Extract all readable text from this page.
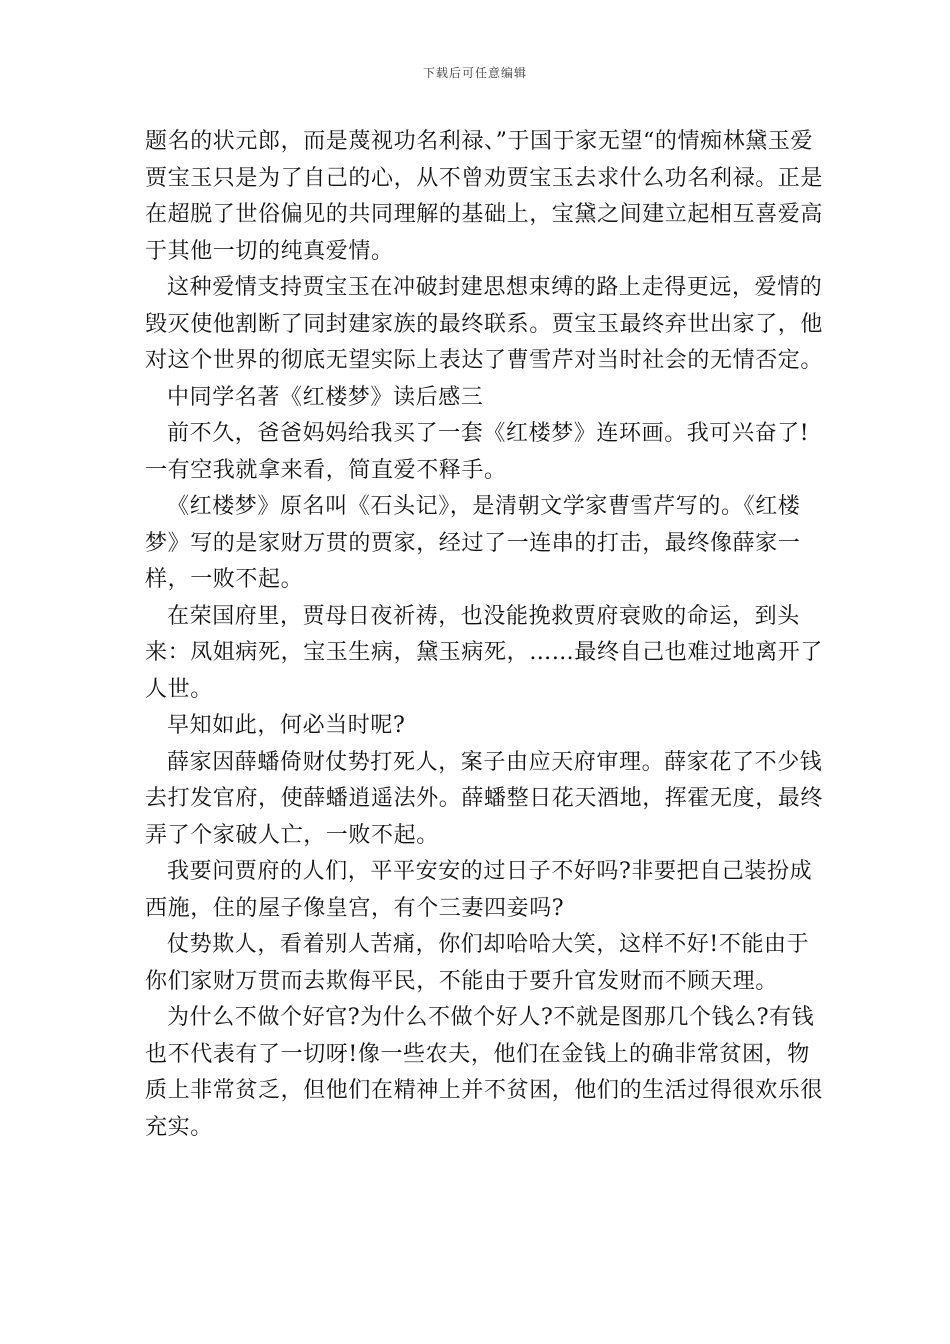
下载后可任意编辑

题名的状元郎，而是蔑视功名利禄、”于国于家无望“的情痴林黛玉爱贾宝玉只是为了自己的心，从不曾劝贾宝玉去求什么功名利禄。正是在超脱了世俗偏见的共同理解的基础上，宝黛之间建立起相互喜爱高于其他一切的纯真爱情。

这种爱情支持贾宝玉在冲破封建思想束缚的路上走得更远，爱情的毁灭使他割断了同封建家族的最终联系。贾宝玉最终弃世出家了，他对这个世界的彻底无望实际上表达了曹雪芹对当时社会的无情否定。

中同学名著《红楼梦》读后感三

前不久，爸爸妈妈给我买了一套《红楼梦》连环画。我可兴奋了!一有空我就拿来看，简直爱不释手。

《红楼梦》原名叫《石头记》，是清朝文学家曹雪芹写的。《红楼梦》写的是家财万贯的贾家，经过了一连串的打击，最终像薛家一样，一败不起。

在荣国府里，贾母日夜祈祷，也没能挽救贾府衰败的命运，到头来：凤姐病死，宝玉生病，黛玉病死，……最终自己也难过地离开了人世。

早知如此，何必当时呢?

薛家因薛蟠倚财仗势打死人，案子由应天府审理。薛家花了不少钱去打发官府，使薛蟠逍遥法外。薛蟠整日花天酒地，挥霍无度，最终弄了个家破人亡，一败不起。

我要问贾府的人们，平平安安的过日子不好吗?非要把自己装扮成西施，住的屋子像皇宫，有个三妻四妾吗?

仗势欺人，看着别人苦痛，你们却哈哈大笑，这样不好!不能由于你们家财万贯而去欺侮平民，不能由于要升官发财而不顾天理。

为什么不做个好官?为什么不做个好人?不就是图那几个钱么?有钱也不代表有了一切呀!像一些农夫，他们在金钱上的确非常贫困，物质上非常贫乏，但他们在精神上并不贫困，他们的生活过得很欢乐很充实。
